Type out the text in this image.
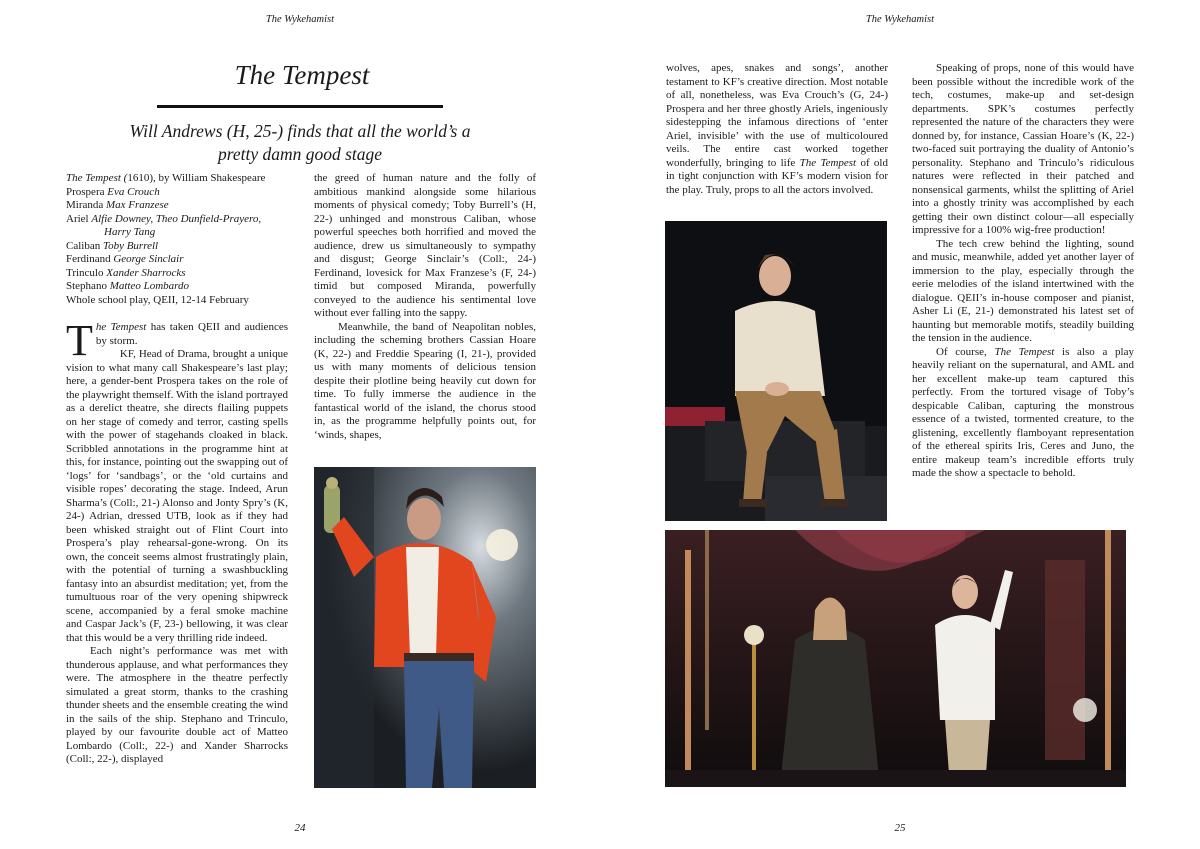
The Wykehamist
The Tempest
Will Andrews (H, 25-) finds that all the world’s a
pretty damn good stage
The Tempest (1610), by William Shakespeare
Prospera Eva Crouch
Miranda Max Franzese
Ariel Alfie Downey, Theo Dunfield-Prayero,
Harry Tang
Caliban Toby Burrell
Ferdinand George Sinclair
Trinculo Xander Sharrocks
Stephano Matteo Lombardo
Whole school play, QEII, 12-14 February

The Tempest has taken QEII and audiences by storm.

KF, Head of Drama, brought a unique vision to what many call Shakespeare’s last play; here, a gender-bent Prospera takes on the role of the playwright themself. With the island portrayed as a derelict theatre, she directs flailing puppets on her stage of comedy and terror, casting spells with the power of stagehands cloaked in black. Scribbled annotations in the programme hint at this, for instance, pointing out the swapping out of ‘logs’ for ‘sandbags’, or the ‘old curtains and visible ropes’ decorating the stage. Indeed, Arun Sharma’s (Coll:, 21-) Alonso and Jonty Spry’s (K, 24-) Adrian, dressed UTB, look as if they had been whisked straight out of Flint Court into Prospera’s play rehearsal-gone-wrong. On its own, the conceit seems almost frustratingly plain, with the potential of turning a swashbuckling fantasy into an absurdist meditation; yet, from the tumultuous roar of the very opening shipwreck scene, accompanied by a feral smoke machine and Caspar Jack’s (F, 23-) bellowing, it was clear that this would be a very thrilling ride indeed.

Each night’s performance was met with thunderous applause, and what performances they were. The atmosphere in the theatre perfectly simulated a great storm, thanks to the crashing thunder sheets and the ensemble creating the wind in the sails of the ship. Stephano and Trinculo, played by our favourite double act of Matteo Lombardo (Coll:, 22-) and Xander Sharrocks (Coll:, 22-), displayed

the greed of human nature and the folly of ambitious mankind alongside some hilarious moments of physical comedy; Toby Burrell’s (H, 22-) unhinged and monstrous Caliban, whose powerful speeches both horrified and moved the audience, drew us simultaneously to sympathy and disgust; George Sinclair’s (Coll:, 24-) Ferdinand, lovesick for Max Franzese’s (F, 24-) timid but composed Miranda, powerfully conveyed to the audience his sentimental love without ever falling into the sappy.

Meanwhile, the band of Neapolitan nobles, including the scheming brothers Cassian Hoare (K, 22-) and Freddie Spearing (I, 21-), provided us with many moments of delicious tension despite their plotline being heavily cut down for time. To fully immerse the audience in the fantastical world of the island, the chorus stood in, as the programme helpfully points out, for ‘winds, shapes,

24
The Wykehamist

wolves, apes, snakes and songs’, another testament to KF’s creative direction. Most notable of all, nonetheless, was Eva Crouch’s (G, 24-) Prospera and her three ghostly Ariels, ingeniously sidestepping the infamous directions of ‘enter Ariel, invisible’ with the use of multicoloured veils. The entire cast worked together wonderfully, bringing to life The Tempest of old in tight conjunction with KF’s modern vision for the play. Truly, props to all the actors involved.

Speaking of props, none of this would have been possible without the incredible work of the tech, costumes, make-up and set-design departments. SPK’s costumes perfectly represented the nature of the characters they were donned by, for instance, Cassian Hoare’s (K, 22-) two-faced suit portraying the duality of Antonio’s personality. Stephano and Trinculo’s ridiculous natures were reflected in their patched and nonsensical garments, whilst the splitting of Ariel into a ghostly trinity was accomplished by each getting their own distinct colour—all especially impressive for a 100% wig-free production!

The tech crew behind the lighting, sound and music, meanwhile, added yet another layer of immersion to the play, especially through the eerie melodies of the island intertwined with the dialogue. QEII’s in-house composer and pianist, Asher Li (E, 21-) demonstrated his latest set of haunting but memorable motifs, steadily building the tension in the audience.

Of course, The Tempest is also a play heavily reliant on the supernatural, and AML and her excellent make-up team captured this perfectly. From the tortured visage of Toby’s despicable Caliban, capturing the monstrous essence of a twisted, tormented creature, to the glistening, excellently flamboyant representation of the ethereal spirits Iris, Ceres and Juno, the entire makeup team’s incredible efforts truly made the show a spectacle to behold.

25
